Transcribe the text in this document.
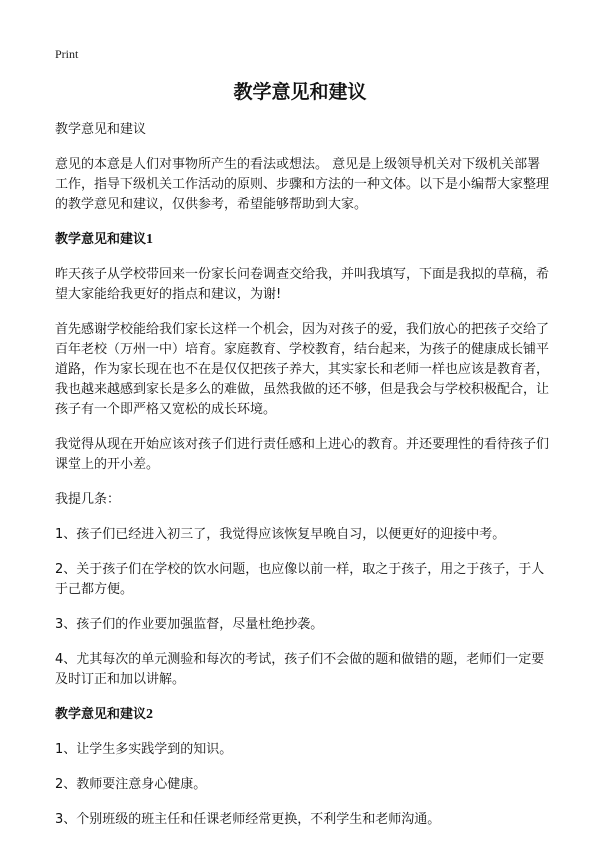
Print
教学意见和建议

教学意见和建议

意见的本意是人们对事物所产生的看法或想法。 意见是上级领导机关对下级机关部署工作，指导下级机关工作活动的原则、步骤和方法的一种文体。以下是小编帮大家整理的教学意见和建议，仅供参考，希望能够帮助到大家。

教学意见和建议1

昨天孩子从学校带回来一份家长问卷调查交给我，并叫我填写，下面是我拟的草稿，希望大家能给我更好的指点和建议，为谢!

首先感谢学校能给我们家长这样一个机会，因为对孩子的爱，我们放心的把孩子交给了百年老校（万州一中）培育。家庭教育、学校教育，结台起来，为孩子的健康成长铺平道路，作为家长现在也不在是仅仅把孩子养大，其实家长和老师一样也应该是教育者，我也越来越感到家长是多么的难做，虽然我做的还不够，但是我会与学校积极配合，让孩子有一个即严格又宽松的成长环境。

我觉得从现在开始应该对孩子们进行责任感和上进心的教育。并还要理性的看待孩子们课堂上的开小差。

我提几条：

1、孩子们已经进入初三了，我觉得应该恢复早晚自习，以便更好的迎接中考。

2、关于孩子们在学校的饮水问题，也应像以前一样，取之于孩子，用之于孩子，于人于己都方便。

3、孩子们的作业要加强监督，尽量杜绝抄袭。

4、尤其每次的单元测验和每次的考试，孩子们不会做的题和做错的题，老师们一定要及时订正和加以讲解。

教学意见和建议2

1、让学生多实践学到的知识。

2、教师要注意身心健康。

3、个别班级的班主任和任课老师经常更换，不利学生和老师沟通。
